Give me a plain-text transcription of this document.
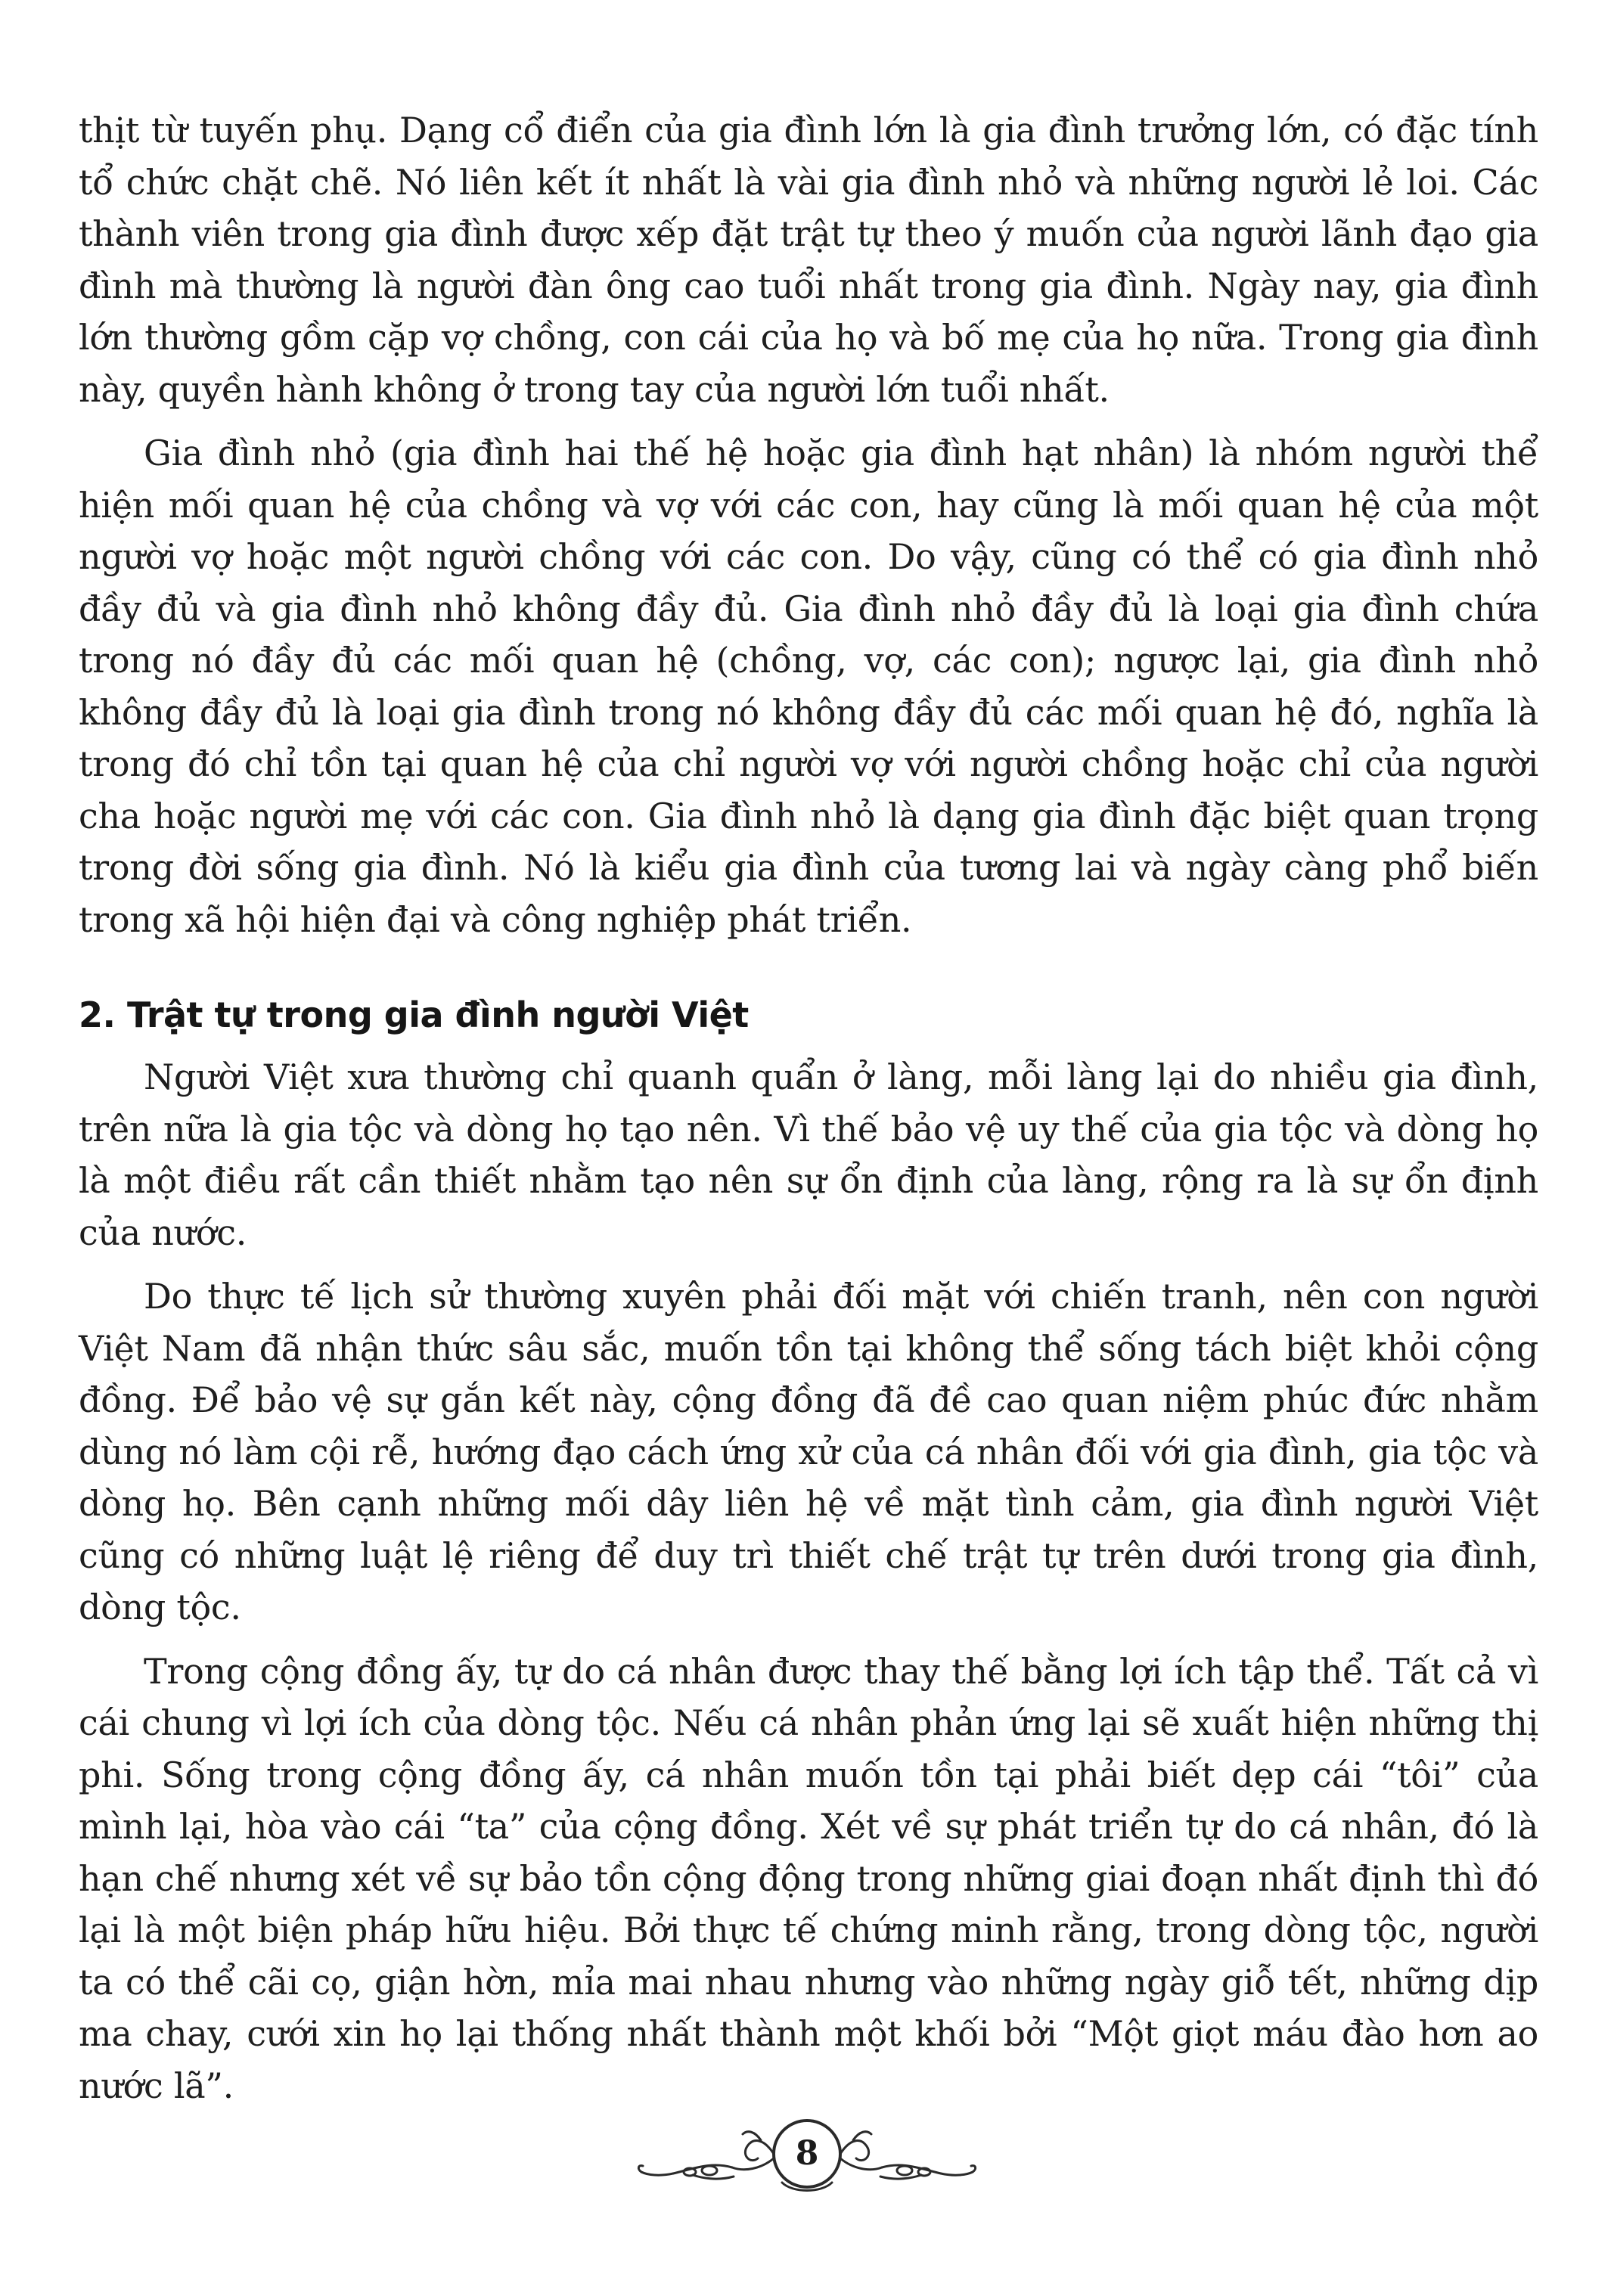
thịt từ tuyến phụ. Dạng cổ điển của gia đình lớn là gia đình trưởng lớn, có đặc tính tổ chức chặt chẽ. Nó liên kết ít nhất là vài gia đình nhỏ và những người lẻ loi. Các thành viên trong gia đình được xếp đặt trật tự theo ý muốn của người lãnh đạo gia đình mà thường là người đàn ông cao tuổi nhất trong gia đình. Ngày nay, gia đình lớn thường gồm cặp vợ chồng, con cái của họ và bố mẹ của họ nữa. Trong gia đình này, quyền hành không ở trong tay của người lớn tuổi nhất.

Gia đình nhỏ (gia đình hai thế hệ hoặc gia đình hạt nhân) là nhóm người thể hiện mối quan hệ của chồng và vợ với các con, hay cũng là mối quan hệ của một người vợ hoặc một người chồng với các con. Do vậy, cũng có thể có gia đình nhỏ đầy đủ và gia đình nhỏ không đầy đủ. Gia đình nhỏ đầy đủ là loại gia đình chứa trong nó đầy đủ các mối quan hệ (chồng, vợ, các con); ngược lại, gia đình nhỏ không đầy đủ là loại gia đình trong nó không đầy đủ các mối quan hệ đó, nghĩa là trong đó chỉ tồn tại quan hệ của chỉ người vợ với người chồng hoặc chỉ của người cha hoặc người mẹ với các con. Gia đình nhỏ là dạng gia đình đặc biệt quan trọng trong đời sống gia đình. Nó là kiểu gia đình của tương lai và ngày càng phổ biến trong xã hội hiện đại và công nghiệp phát triển.

2. Trật tự trong gia đình người Việt

Người Việt xưa thường chỉ quanh quẩn ở làng, mỗi làng lại do nhiều gia đình, trên nữa là gia tộc và dòng họ tạo nên. Vì thế bảo vệ uy thế của gia tộc và dòng họ là một điều rất cần thiết nhằm tạo nên sự ổn định của làng, rộng ra là sự ổn định của nước.

Do thực tế lịch sử thường xuyên phải đối mặt với chiến tranh, nên con người Việt Nam đã nhận thức sâu sắc, muốn tồn tại không thể sống tách biệt khỏi cộng đồng. Để bảo vệ sự gắn kết này, cộng đồng đã đề cao quan niệm phúc đức nhằm dùng nó làm cội rễ, hướng đạo cách ứng xử của cá nhân đối với gia đình, gia tộc và dòng họ. Bên cạnh những mối dây liên hệ về mặt tình cảm, gia đình người Việt cũng có những luật lệ riêng để duy trì thiết chế trật tự trên dưới trong gia đình, dòng tộc.

Trong cộng đồng ấy, tự do cá nhân được thay thế bằng lợi ích tập thể. Tất cả vì cái chung vì lợi ích của dòng tộc. Nếu cá nhân phản ứng lại sẽ xuất hiện những thị phi. Sống trong cộng đồng ấy, cá nhân muốn tồn tại phải biết dẹp cái “tôi” của mình lại, hòa vào cái “ta” của cộng đồng. Xét về sự phát triển tự do cá nhân, đó là hạn chế nhưng xét về sự bảo tồn cộng động trong những giai đoạn nhất định thì đó lại là một biện pháp hữu hiệu. Bởi thực tế chứng minh rằng, trong dòng tộc, người ta có thể cãi cọ, giận hờn, mỉa mai nhau nhưng vào những ngày giỗ tết, những dịp ma chay, cưới xin họ lại thống nhất thành một khối bởi “Một giọt máu đào hơn ao nước lã”.

8
